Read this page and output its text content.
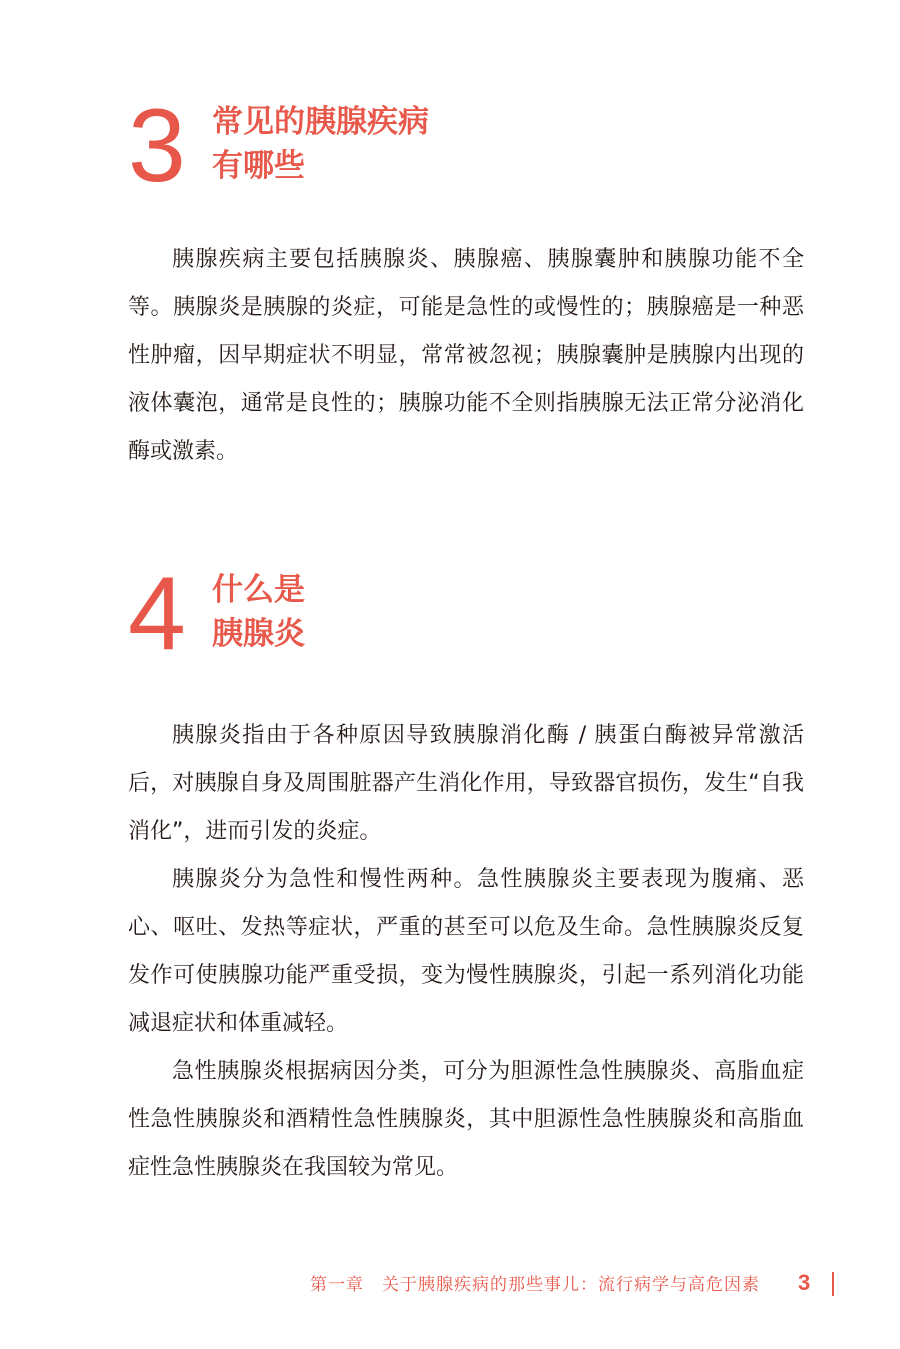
3 常见的胰腺疾病
有哪些

胰腺疾病主要包括胰腺炎、胰腺癌、胰腺囊肿和胰腺功能不全等。胰腺炎是胰腺的炎症，可能是急性的或慢性的；胰腺癌是一种恶性肿瘤，因早期症状不明显，常常被忽视；胰腺囊肿是胰腺内出现的液体囊泡，通常是良性的；胰腺功能不全则指胰腺无法正常分泌消化酶或激素。

4 什么是
胰腺炎

胰腺炎指由于各种原因导致胰腺消化酶 / 胰蛋白酶被异常激活后，对胰腺自身及周围脏器产生消化作用，导致器官损伤，发生“自我消化”，进而引发的炎症。

胰腺炎分为急性和慢性两种。急性胰腺炎主要表现为腹痛、恶心、呕吐、发热等症状，严重的甚至可以危及生命。急性胰腺炎反复发作可使胰腺功能严重受损，变为慢性胰腺炎，引起一系列消化功能减退症状和体重减轻。

急性胰腺炎根据病因分类，可分为胆源性急性胰腺炎、高脂血症性急性胰腺炎和酒精性急性胰腺炎，其中胆源性急性胰腺炎和高脂血症性急性胰腺炎在我国较为常见。

第一章　关于胰腺疾病的那些事儿：流行病学与高危因素 3
